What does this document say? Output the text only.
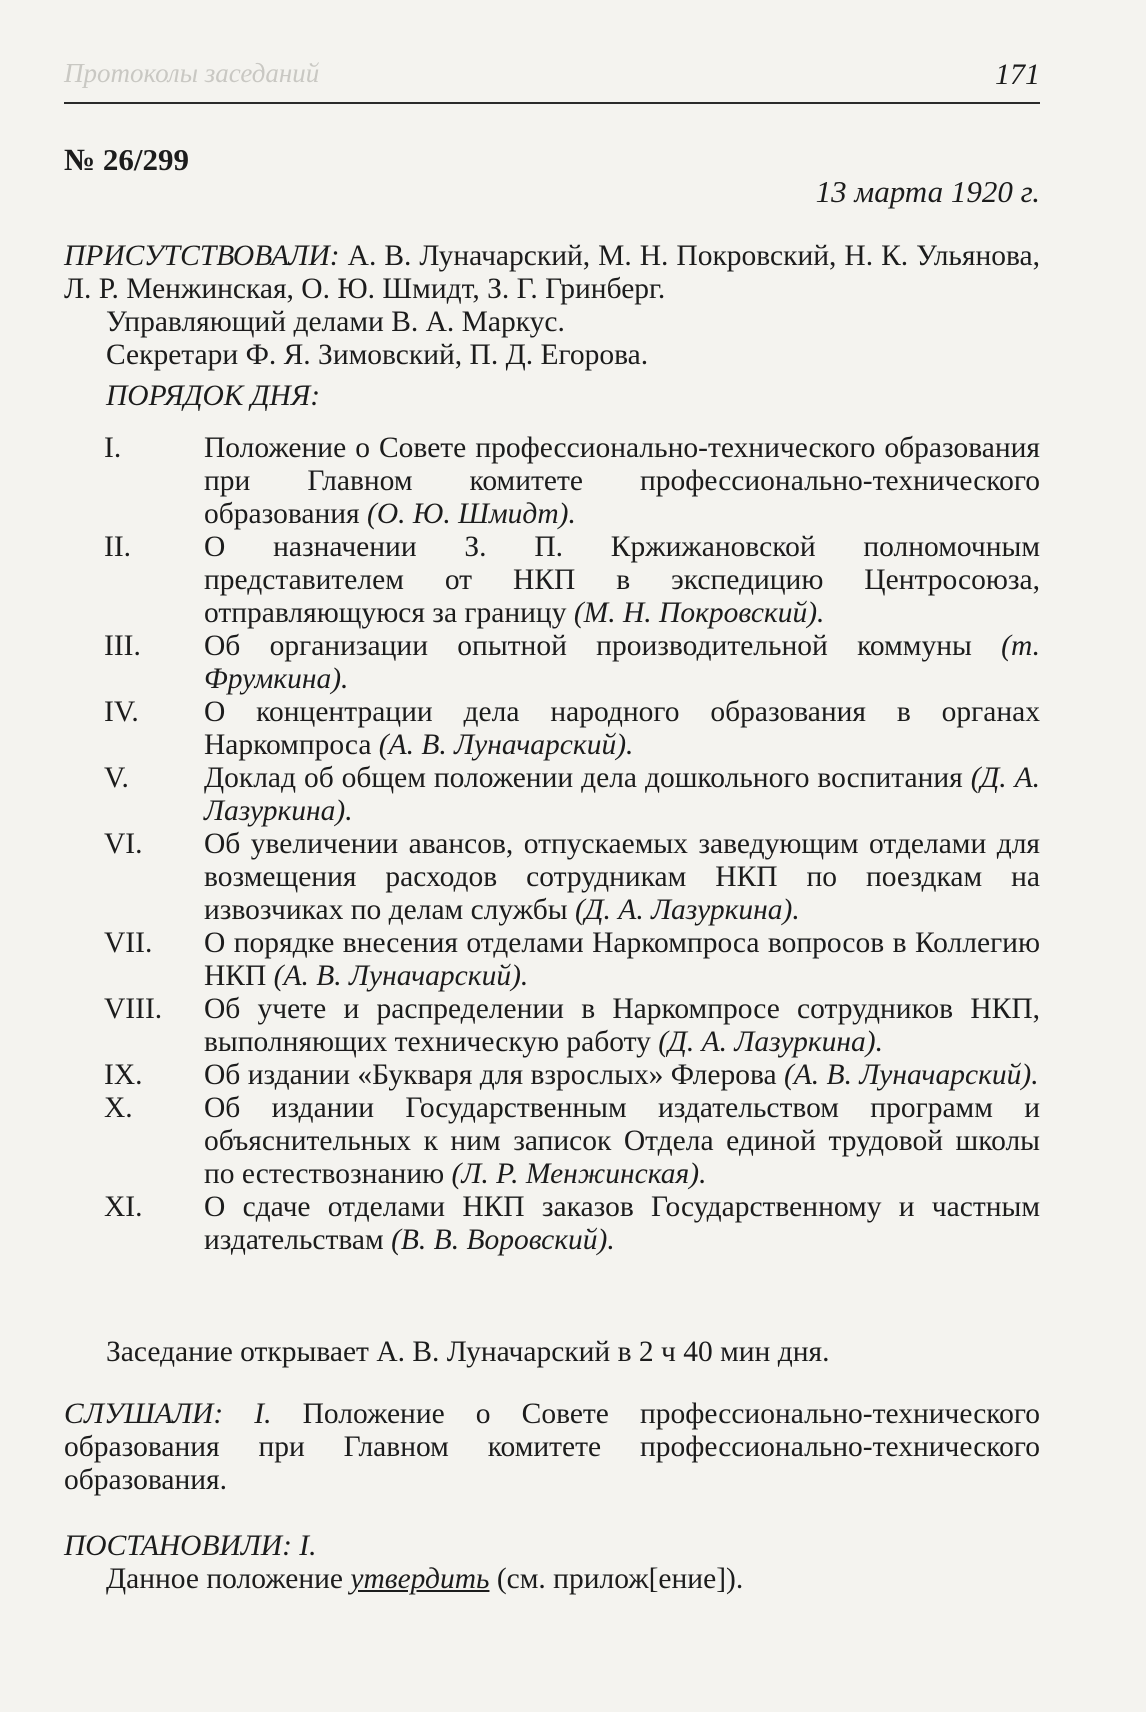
Протоколы заседаний	171
№ 26/299
13 марта 1920 г.
ПРИСУТСТВОВАЛИ: А. В. Луначарский, М. Н. Покровский, Н. К. Ульянова, Л. Р. Менжинская, О. Ю. Шмидт, З. Г. Гринберг.
Управляющий делами В. А. Маркус.
Секретари Ф. Я. Зимовский, П. Д. Егорова.
ПОРЯДОК ДНЯ:
I.	Положение о Совете профессионально-технического образования при Главном комитете профессионально-технического образования (О. Ю. Шмидт).
II.	О назначении З. П. Кржижановской полномочным представителем от НКП в экспедицию Центросоюза, отправляющуюся за границу (М. Н. Покровский).
III.	Об организации опытной производительной коммуны (т. Фрумкина).
IV.	О концентрации дела народного образования в органах Наркомпроса (А. В. Луначарский).
V.	Доклад об общем положении дела дошкольного воспитания (Д. А. Лазуркина).
VI.	Об увеличении авансов, отпускаемых заведующим отделами для возмещения расходов сотрудникам НКП по поездкам на извозчиках по делам службы (Д. А. Лазуркина).
VII.	О порядке внесения отделами Наркомпроса вопросов в Коллегию НКП (А. В. Луначарский).
VIII.	Об учете и распределении в Наркомпросе сотрудников НКП, выполняющих техническую работу (Д. А. Лазуркина).
IX.	Об издании «Букваря для взрослых» Флерова (А. В. Луначарский).
X.	Об издании Государственным издательством программ и объяснительных к ним записок Отдела единой трудовой школы по естествознанию (Л. Р. Менжинская).
XI.	О сдаче отделами НКП заказов Государственному и частным издательствам (В. В. Воровский).
Заседание открывает А. В. Луначарский в 2 ч 40 мин дня.
СЛУШАЛИ: I. Положение о Совете профессионально-технического образования при Главном комитете профессионально-технического образования.
ПОСТАНОВИЛИ: I.
Данное положение утвердить (см. прилож[ение]).
